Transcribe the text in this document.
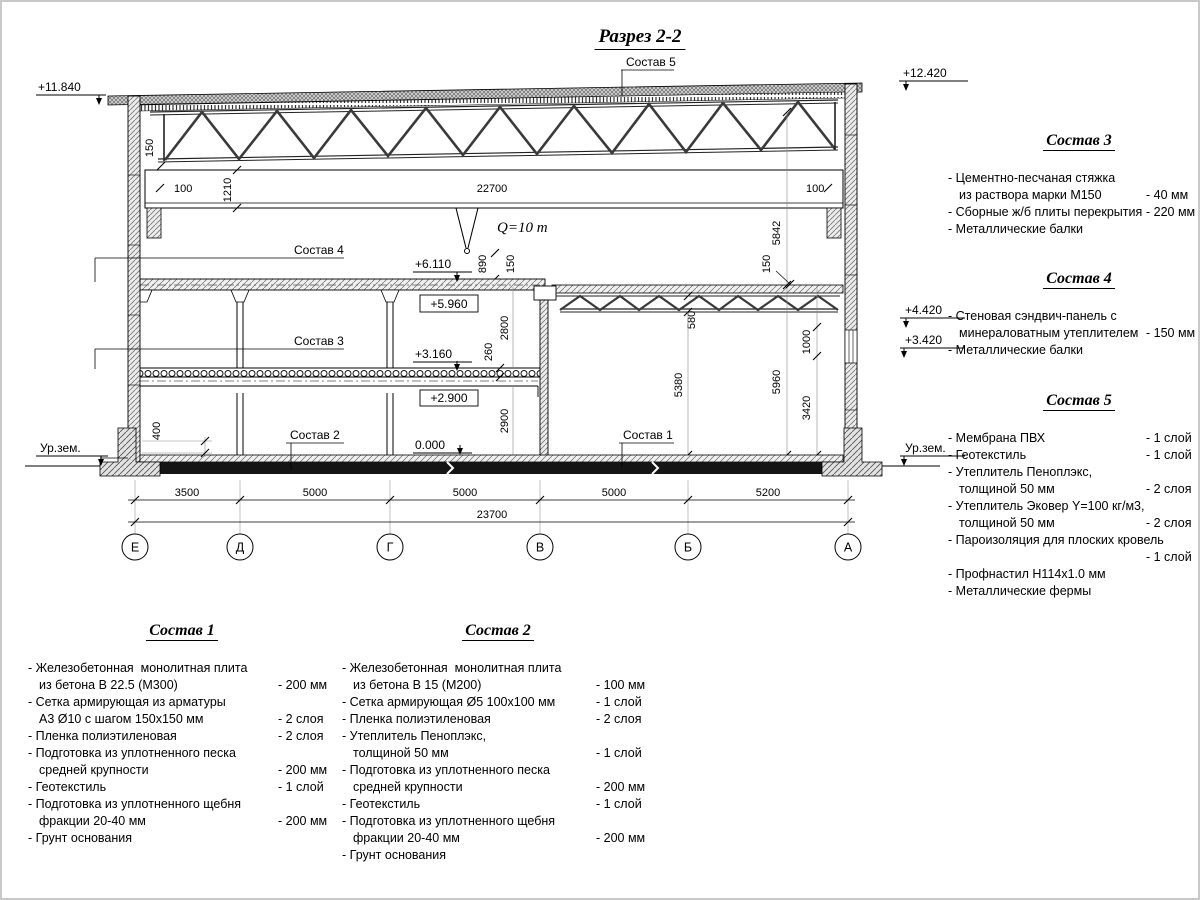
Разрез 2-2
100	22700	100
1210
150
Q=10 т
890 150
+6.110
+5.960
+3.160
+2.900
260
2800
2900
580
5380
5842
5960
1000
3420
150
400
+11.840
+12.420
+4.420
+3.420
Ур.зем.	Ур.зем.
0.000
Состав 5
Состав 4
Состав 3
Состав 2	Состав 1
3500	5000	5000	5000	5200
23700
Е	Д	Г	В	Б	А
Состав 1
- Железобетонная  монолитная плита
из бетона В 22.5 (М300)	- 200 мм
- Сетка армирующая из арматуры
А3 Ø10 с шагом 150х150 мм	- 2 слоя
- Пленка полиэтиленовая	- 2 слоя
- Подготовка из уплотненного песка
средней крупности	- 200 мм
- Геотекстиль	- 1 слой
- Подготовка из уплотненного щебня
фракции 20-40 мм	- 200 мм
- Грунт основания
Состав 2
- Железобетонная  монолитная плита
из бетона В 15 (М200)	- 100 мм
- Сетка армирующая Ø5 100х100 мм	- 1 слой
- Пленка полиэтиленовая	- 2 слоя
- Утеплитель Пеноплэкс,
толщиной 50 мм	- 1 слой
- Подготовка из уплотненного песка
средней крупности	- 200 мм
- Геотекстиль	- 1 слой
- Подготовка из уплотненного щебня
фракции 20-40 мм	- 200 мм
- Грунт основания
Состав 3
- Цементно-песчаная стяжка
из раствора марки М150	- 40 мм
- Сборные ж/б плиты перекрытия - 220 мм
- Металлические балки
Состав 4
- Стеновая сэндвич-панель с
минераловатным утеплителем - 150 мм
- Металлические балки
Состав 5
- Мембрана ПВХ	- 1 слой
- Геотекстиль	- 1 слой
- Утеплитель Пеноплэкс,
толщиной 50 мм	- 2 слоя
- Утеплитель Эковер Y=100 кг/м3,
толщиной 50 мм	- 2 слоя
- Пароизоляция для плоских кровель
- 1 слой
- Профнастил Н114х1.0 мм
- Металлические фермы
